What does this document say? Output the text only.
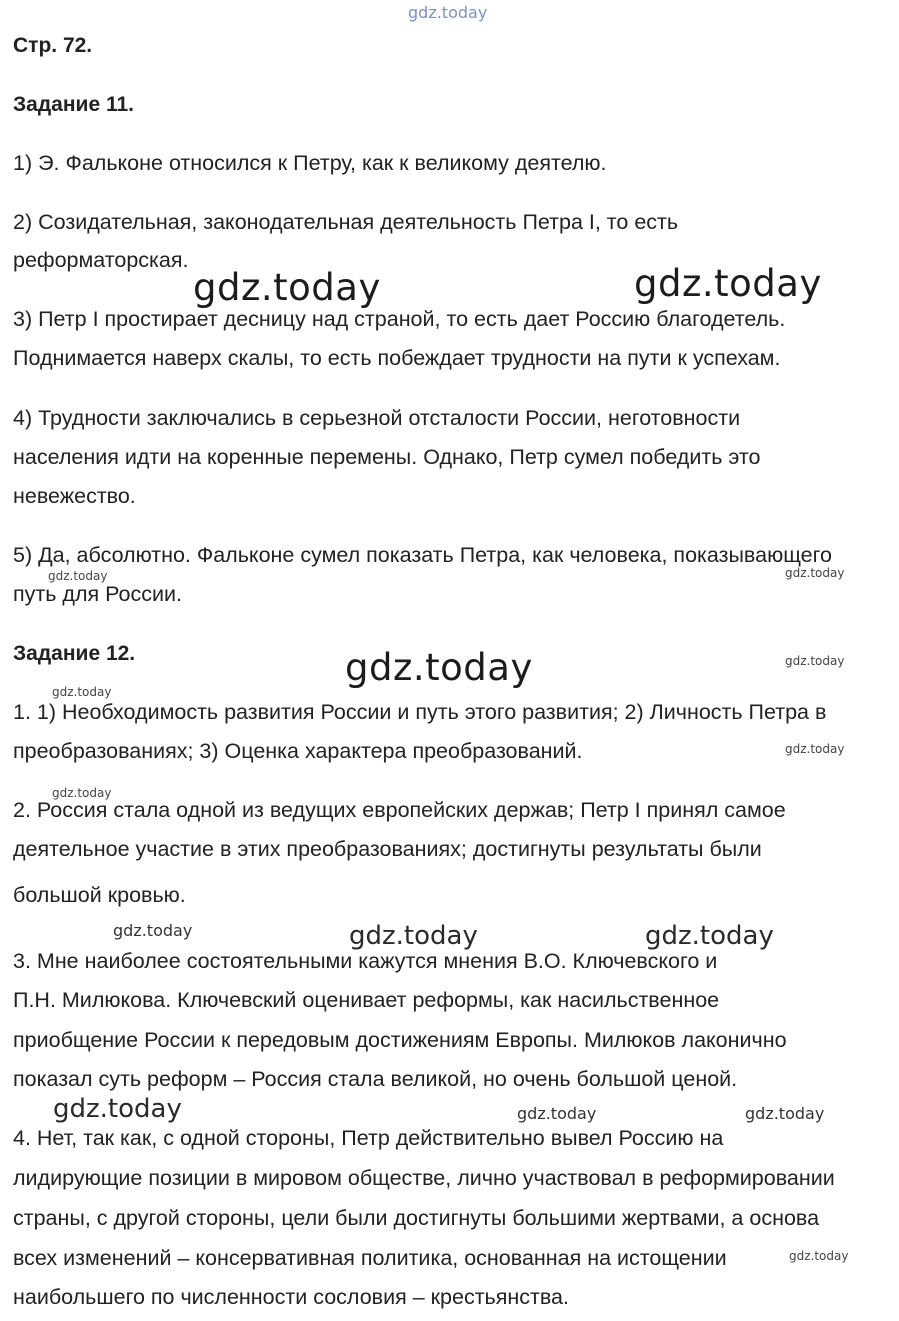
gdz.today
gdz.today	gdz.today
gdz.today
gdz.today	gdz.today
gdz.today
gdz.today
gdz.today
gdz.today
gdz.today	gdz.today	gdz.today
gdz.today	gdz.today	gdz.today
gdz.today
Стр. 72.
Задание 11.
1) Э. Фальконе относился к Петру, как к великому деятелю.
2) Созидательная, законодательная деятельность Петра I, то есть
реформаторская.
3) Петр I простирает десницу над страной, то есть дает Россию благодетель.
Поднимается наверх скалы, то есть побеждает трудности на пути к успехам.
4) Трудности заключались в серьезной отсталости России, неготовности
населения идти на коренные перемены. Однако, Петр сумел победить это
невежество.
5) Да, абсолютно. Фальконе сумел показать Петра, как человека, показывающего
путь для России.
Задание 12.
1. 1) Необходимость развития России и путь этого развития; 2) Личность Петра в
преобразованиях; 3) Оценка характера преобразований.
2. Россия стала одной из ведущих европейских держав; Петр I принял самое
деятельное участие в этих преобразованиях; достигнуты результаты были
большой кровью.
3. Мне наиболее состоятельными кажутся мнения В.О. Ключевского и
П.Н. Милюкова. Ключевский оценивает реформы, как насильственное
приобщение России к передовым достижениям Европы. Милюков лаконично
показал суть реформ – Россия стала великой, но очень большой ценой.
4. Нет, так как, с одной стороны, Петр действительно вывел Россию на
лидирующие позиции в мировом обществе, лично участвовал в реформировании
страны, с другой стороны, цели были достигнуты большими жертвами, а основа
всех изменений – консервативная политика, основанная на истощении
наибольшего по численности сословия – крестьянства.
